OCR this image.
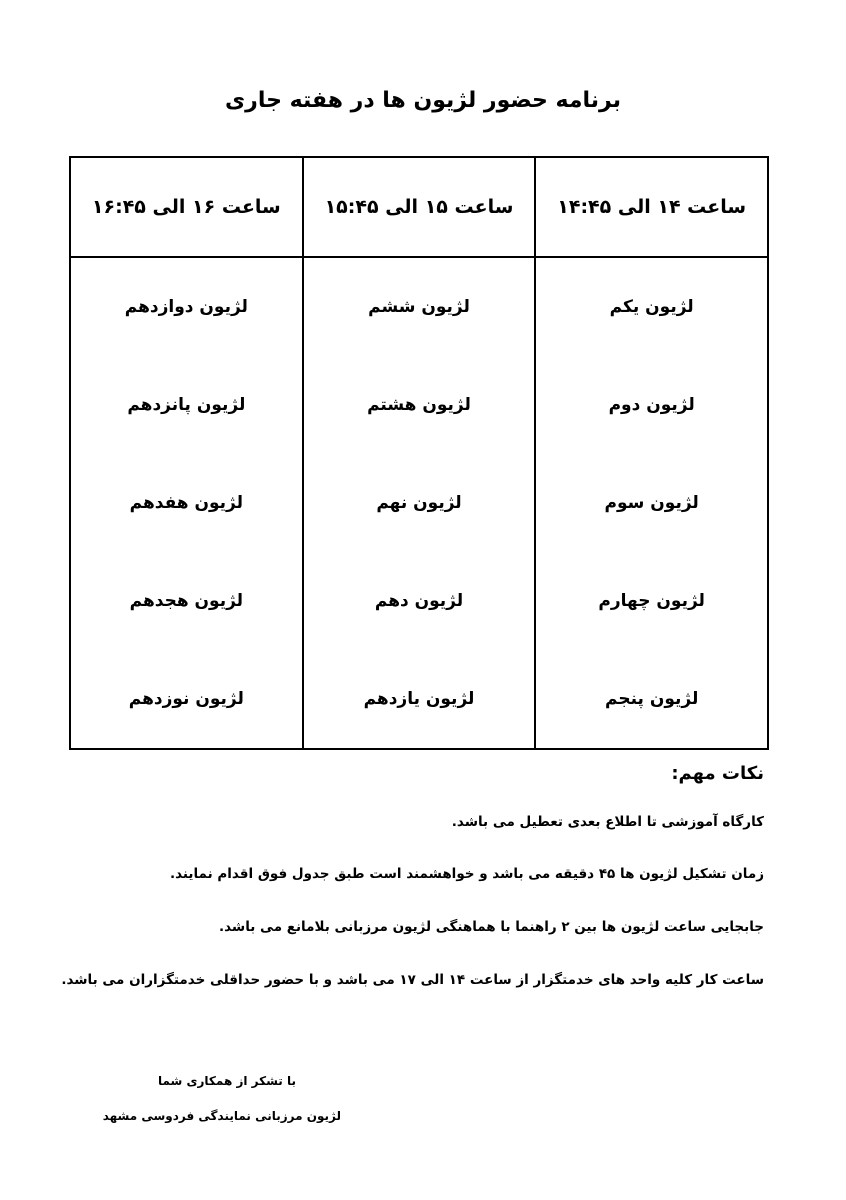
برنامه حضور لژیون ها در هفته جاری
ساعت ۱۴ الی ۱۴:۴۵
لژیون یکم
لژیون دوم
لژیون سوم
لژیون چهارم
لژیون پنجم
ساعت ۱۵ الی ۱۵:۴۵
لژیون ششم
لژیون هشتم
لژیون نهم
لژیون دهم
لژیون یازدهم
ساعت ۱۶ الی ۱۶:۴۵
لژیون دوازدهم
لژیون پانزدهم
لژیون هفدهم
لژیون هجدهم
لژیون نوزدهم
نکات مهم:
کارگاه آموزشی تا اطلاع بعدی تعطیل می باشد.
زمان تشکیل لژیون ها ۴۵ دقیقه می باشد و خواهشمند است طبق جدول فوق اقدام نمایند.
جابجایی ساعت لژیون ها بین ۲ راهنما با هماهنگی لژیون مرزبانی بلامانع می باشد.
ساعت کار کلیه واحد های خدمتگزار از ساعت ۱۴ الی ۱۷ می باشد و با حضور حداقلی خدمتگزاران می باشد.
با تشکر از همکاری شما
لژیون مرزبانی نمایندگی فردوسی مشهد
